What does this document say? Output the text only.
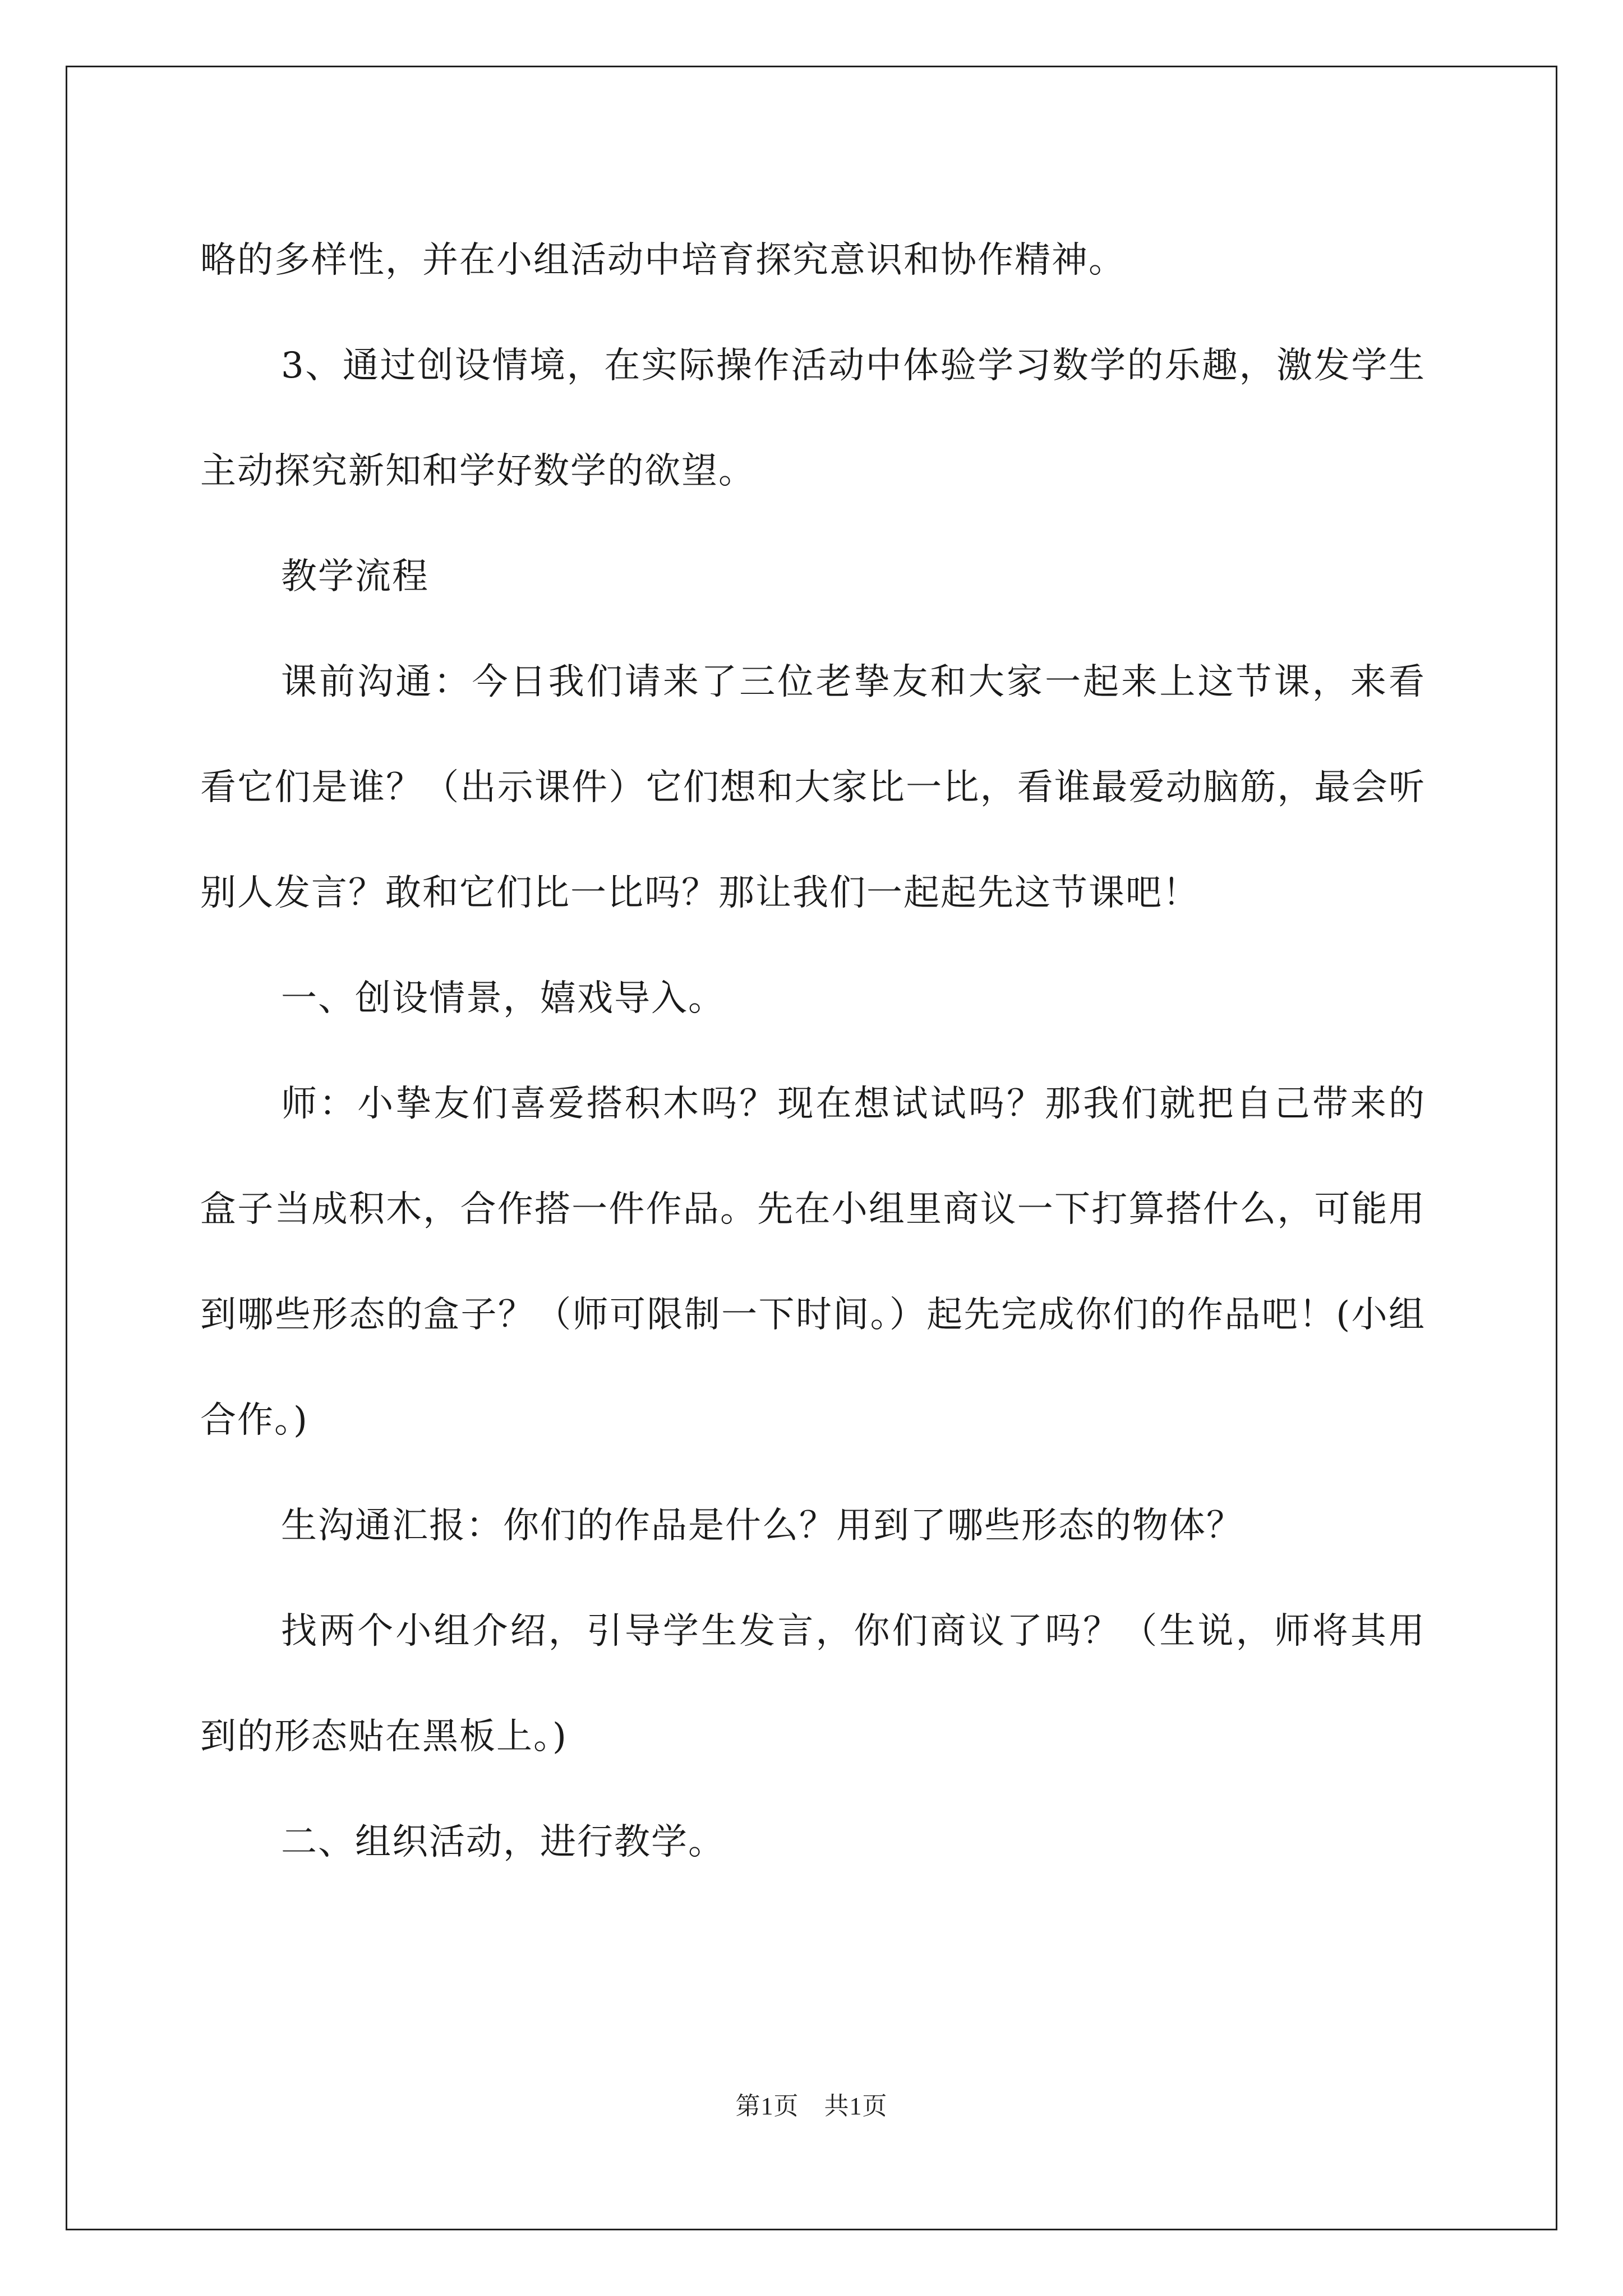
略的多样性，并在小组活动中培育探究意识和协作精神。

3、通过创设情境，在实际操作活动中体验学习数学的乐趣，激发学生主动探究新知和学好数学的欲望。

教学流程

课前沟通：今日我们请来了三位老挚友和大家一起来上这节课，来看看它们是谁？（出示课件）它们想和大家比一比，看谁最爱动脑筋，最会听别人发言？敢和它们比一比吗？那让我们一起起先这节课吧！

一、创设情景，嬉戏导入。

师：小挚友们喜爱搭积木吗？现在想试试吗？那我们就把自己带来的盒子当成积木，合作搭一件作品。先在小组里商议一下打算搭什么，可能用到哪些形态的盒子？（师可限制一下时间。）起先完成你们的作品吧！(小组合作。)

生沟通汇报：你们的作品是什么？用到了哪些形态的物体？

找两个小组介绍，引导学生发言，你们商议了吗？（生说，师将其用到的形态贴在黑板上。)

二、组织活动，进行教学。

第1页　共1页
